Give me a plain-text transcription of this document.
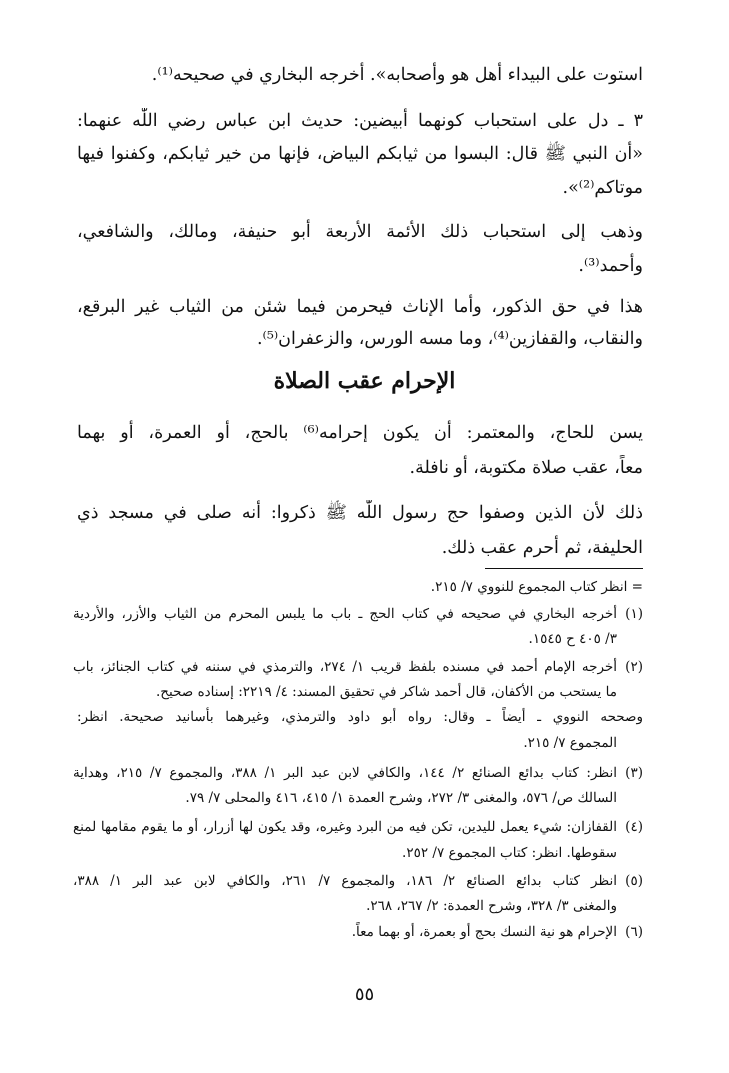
استوت على البيداء أهل هو وأصحابه». أخرجه البخاري في صحيحه⁽¹⁾.
٣ ـ دل على استحباب كونهما أبيضين: حديث ابن عباس رضي اللّٰه عنهما:
«أن النبي ﷺ قال: البسوا من ثيابكم البياض، فإنها من خير ثيابكم، وكفنوا فيها
موتاكم⁽²⁾».
وذهب إلى استحباب ذلك الأئمة الأربعة أبو حنيفة، ومالك، والشافعي،
وأحمد⁽³⁾.
هذا في حق الذكور، وأما الإناث فيحرمن فيما شئن من الثياب غير البرقع،
والنقاب، والقفازين⁽⁴⁾، وما مسه الورس، والزعفران⁽⁵⁾.
الإحرام عقب الصلاة
يسن للحاج، والمعتمر: أن يكون إحرامه⁽⁶⁾ بالحج، أو العمرة، أو بهما
معاً، عقب صلاة مكتوبة، أو نافلة.
ذلك لأن الذين وصفوا حج رسول اللّٰه ﷺ ذكروا: أنه صلى في مسجد ذي
الحليفة، ثم أحرم عقب ذلك.
= انظر كتاب المجموع للنووي ٧/ ٢١٥.
(١)
أخرجه البخاري في صحيحه في كتاب الحج ـ باب ما يلبس المحرم من الثياب والأزر، والأردية
٣/ ٤٠٥ ح ١٥٤٥.
(٢)
أخرجه الإمام أحمد في مسنده بلفظ قريب ١/ ٢٧٤، والترمذي في سننه في كتاب الجنائز، باب
ما يستحب من الأكفان، قال أحمد شاكر في تحقيق المسند: ٤/ ٢٢١٩: إسناده صحيح.
وصححه النووي ـ أيضاً ـ وقال: رواه أبو داود والترمذي، وغيرهما بأسانيد صحيحة. انظر:
المجموع ٧/ ٢١٥.
(٣)
انظر: كتاب بدائع الصنائع ٢/ ١٤٤، والكافي لابن عبد البر ١/ ٣٨٨، والمجموع ٧/ ٢١٥، وهداية
السالك ص/ ٥٧٦، والمغنى ٣/ ٢٧٢، وشرح العمدة ١/ ٤١٥، ٤١٦ والمحلى ٧/ ٧٩.
(٤)
القفازان: شيء يعمل لليدين، تكن فيه من البرد وغيره، وقد يكون لها أزرار، أو ما يقوم مقامها لمنع
سقوطها. انظر: كتاب المجموع ٧/ ٢٥٢.
(٥)
انظر كتاب بدائع الصنائع ٢/ ١٨٦، والمجموع ٧/ ٢٦١، والكافي لابن عبد البر ١/ ٣٨٨،
والمغنى ٣/ ٣٢٨، وشرح العمدة: ٢/ ٢٦٧، ٢٦٨.
(٦)
الإحرام هو نية النسك بحج أو بعمرة، أو بهما معاً.
٥٥
